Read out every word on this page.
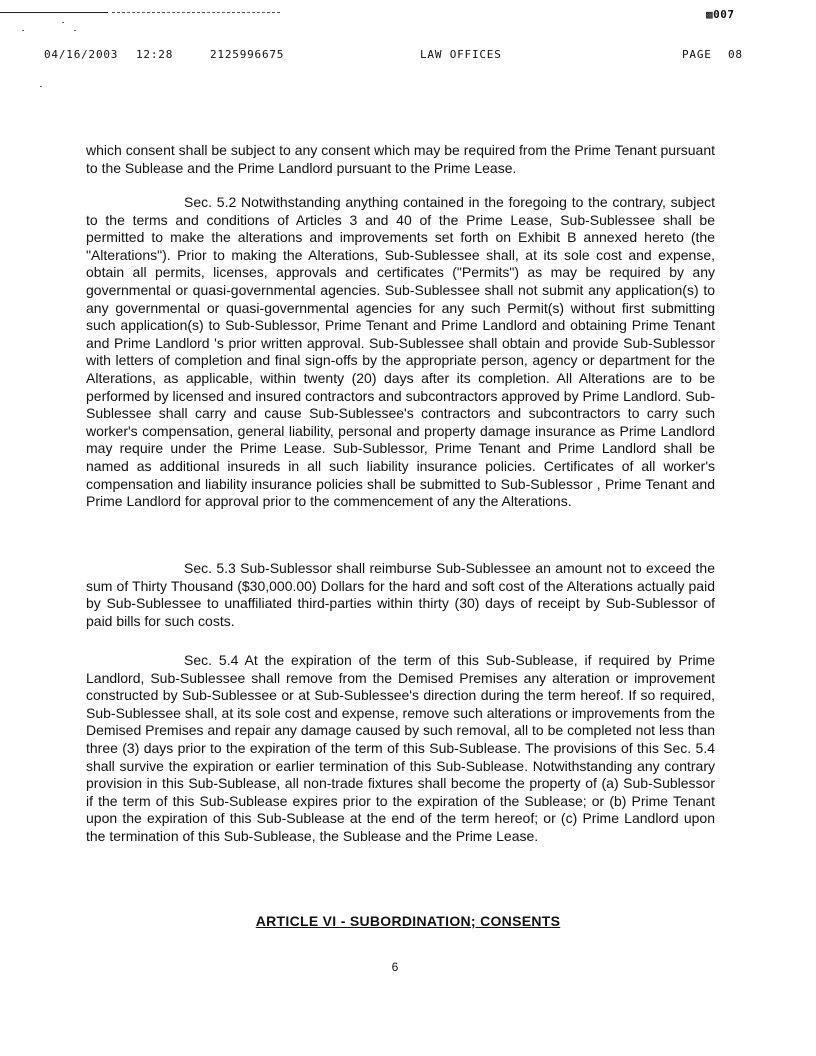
▩007
04/16/2003 12:28	2125996675	LAW OFFICES	PAGE 08

which consent shall be subject to any consent which may be required from the Prime Tenant pursuant to the Sublease and the Prime Landlord pursuant to the Prime Lease.

Sec. 5.2 Notwithstanding anything contained in the foregoing to the contrary, subject to the terms and conditions of Articles 3 and 40 of the Prime Lease, Sub-Sublessee shall be permitted to make the alterations and improvements set forth on Exhibit B annexed hereto (the "Alterations"). Prior to making the Alterations, Sub-Sublessee shall, at its sole cost and expense, obtain all permits, licenses, approvals and certificates ("Permits") as may be required by any governmental or quasi-governmental agencies. Sub-Sublessee shall not submit any application(s) to any governmental or quasi-governmental agencies for any such Permit(s) without first submitting such application(s) to Sub-Sublessor, Prime Tenant and Prime Landlord and obtaining Prime Tenant and Prime Landlord 's prior written approval. Sub-Sublessee shall obtain and provide Sub-Sublessor with letters of completion and final sign-offs by the appropriate person, agency or department for the Alterations, as applicable, within twenty (20) days after its completion. All Alterations are to be performed by licensed and insured contractors and subcontractors approved by Prime Landlord. Sub-Sublessee shall carry and cause Sub-Sublessee's contractors and subcontractors to carry such worker's compensation, general liability, personal and property damage insurance as Prime Landlord may require under the Prime Lease. Sub-Sublessor, Prime Tenant and Prime Landlord shall be named as additional insureds in all such liability insurance policies. Certificates of all worker's compensation and liability insurance policies shall be submitted to Sub-Sublessor , Prime Tenant and Prime Landlord for approval prior to the commencement of any the Alterations.

Sec. 5.3 Sub-Sublessor shall reimburse Sub-Sublessee an amount not to exceed the sum of Thirty Thousand ($30,000.00) Dollars for the hard and soft cost of the Alterations actually paid by Sub-Sublessee to unaffiliated third-parties within thirty (30) days of receipt by Sub-Sublessor of paid bills for such costs.

Sec. 5.4 At the expiration of the term of this Sub-Sublease, if required by Prime Landlord, Sub-Sublessee shall remove from the Demised Premises any alteration or improvement constructed by Sub-Sublessee or at Sub-Sublessee's direction during the term hereof. If so required, Sub-Sublessee shall, at its sole cost and expense, remove such alterations or improvements from the Demised Premises and repair any damage caused by such removal, all to be completed not less than three (3) days prior to the expiration of the term of this Sub-Sublease. The provisions of this Sec. 5.4 shall survive the expiration or earlier termination of this Sub-Sublease. Notwithstanding any contrary provision in this Sub-Sublease, all non-trade fixtures shall become the property of (a) Sub-Sublessor if the term of this Sub-Sublease expires prior to the expiration of the Sublease; or (b) Prime Tenant upon the expiration of this Sub-Sublease at the end of the term hereof; or (c) Prime Landlord upon the termination of this Sub-Sublease, the Sublease and the Prime Lease.

ARTICLE VI - SUBORDINATION; CONSENTS
6
